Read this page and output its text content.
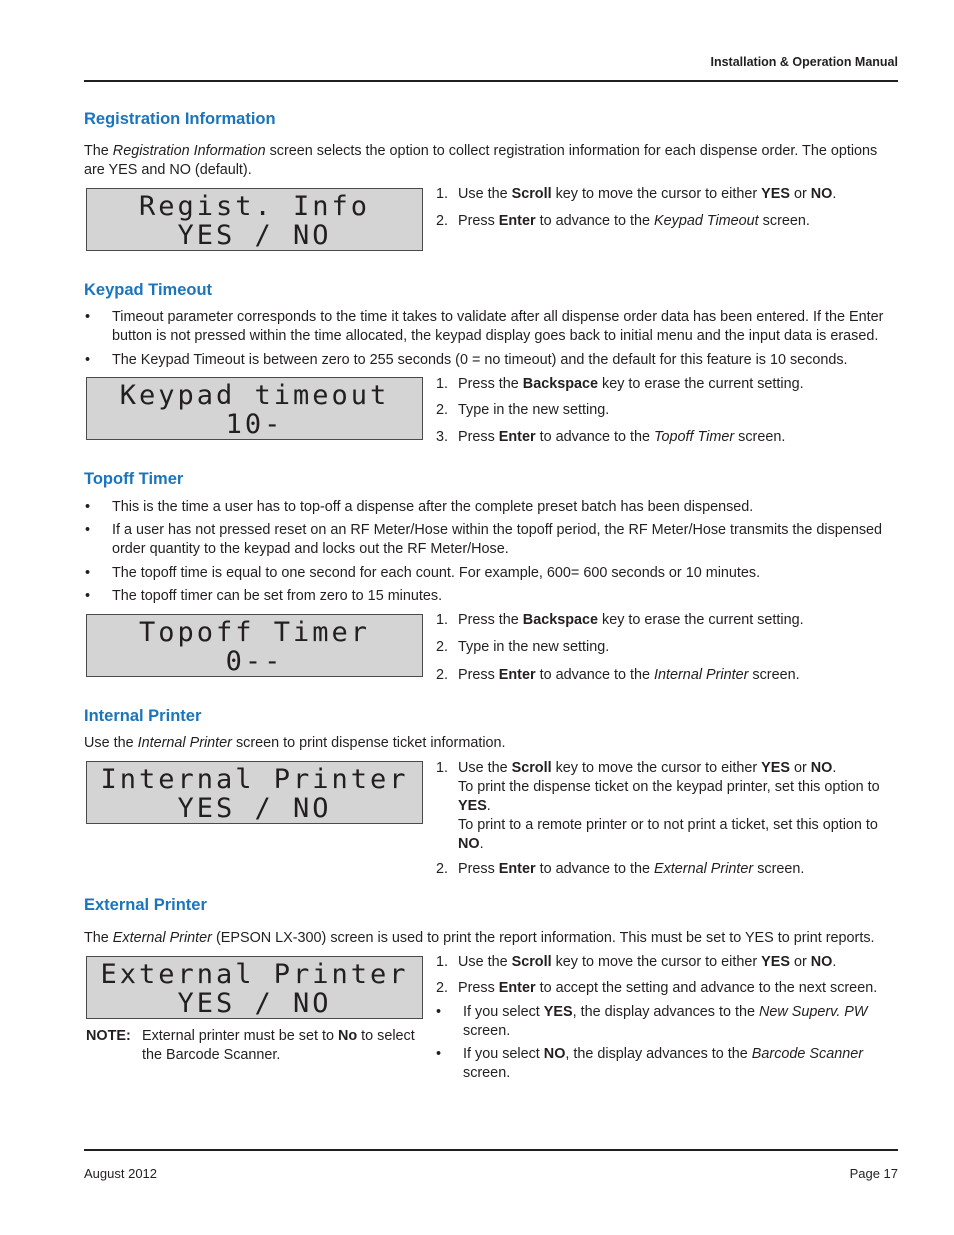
Installation & Operation Manual
Registration Information
The Registration Information screen selects the option to collect registration information for each dispense order. The options are YES and NO (default).
Regist. Info
YES / NO
1. Use the Scroll key to move the cursor to either YES or NO.
2. Press Enter to advance to the Keypad Timeout screen.
Keypad Timeout
• Timeout parameter corresponds to the time it takes to validate after all dispense order data has been entered. If the Enter button is not pressed within the time allocated, the keypad display goes back to initial menu and the input data is erased.
• The Keypad Timeout is between zero to 255 seconds (0 = no timeout) and the default for this feature is 10 seconds.
Keypad timeout
10-
1. Press the Backspace key to erase the current setting.
2. Type in the new setting.
3. Press Enter to advance to the Topoff Timer screen.
Topoff Timer
• This is the time a user has to top-off a dispense after the complete preset batch has been dispensed.
• If a user has not pressed reset on an RF Meter/Hose within the topoff period, the RF Meter/Hose transmits the dispensed order quantity to the keypad and locks out the RF Meter/Hose.
• The topoff time is equal to one second for each count. For example, 600= 600 seconds or 10 minutes.
• The topoff timer can be set from zero to 15 minutes.
Topoff Timer
0--
1. Press the Backspace key to erase the current setting.
2. Type in the new setting.
2. Press Enter to advance to the Internal Printer screen.
Internal Printer
Use the Internal Printer screen to print dispense ticket information.
Internal Printer
YES / NO
1. Use the Scroll key to move the cursor to either YES or NO.
To print the dispense ticket on the keypad printer, set this option to YES.
To print to a remote printer or to not print a ticket, set this option to NO.
2. Press Enter to advance to the External Printer screen.
External Printer
The External Printer (EPSON LX-300) screen is used to print the report information. This must be set to YES to print reports.
External Printer
YES / NO
NOTE: External printer must be set to No to select the Barcode Scanner.
1. Use the Scroll key to move the cursor to either YES or NO.
2. Press Enter to accept the setting and advance to the next screen.
• If you select YES, the display advances to the New Superv. PW screen.
• If you select NO, the display advances to the Barcode Scanner screen.
August 2012	Page 17
